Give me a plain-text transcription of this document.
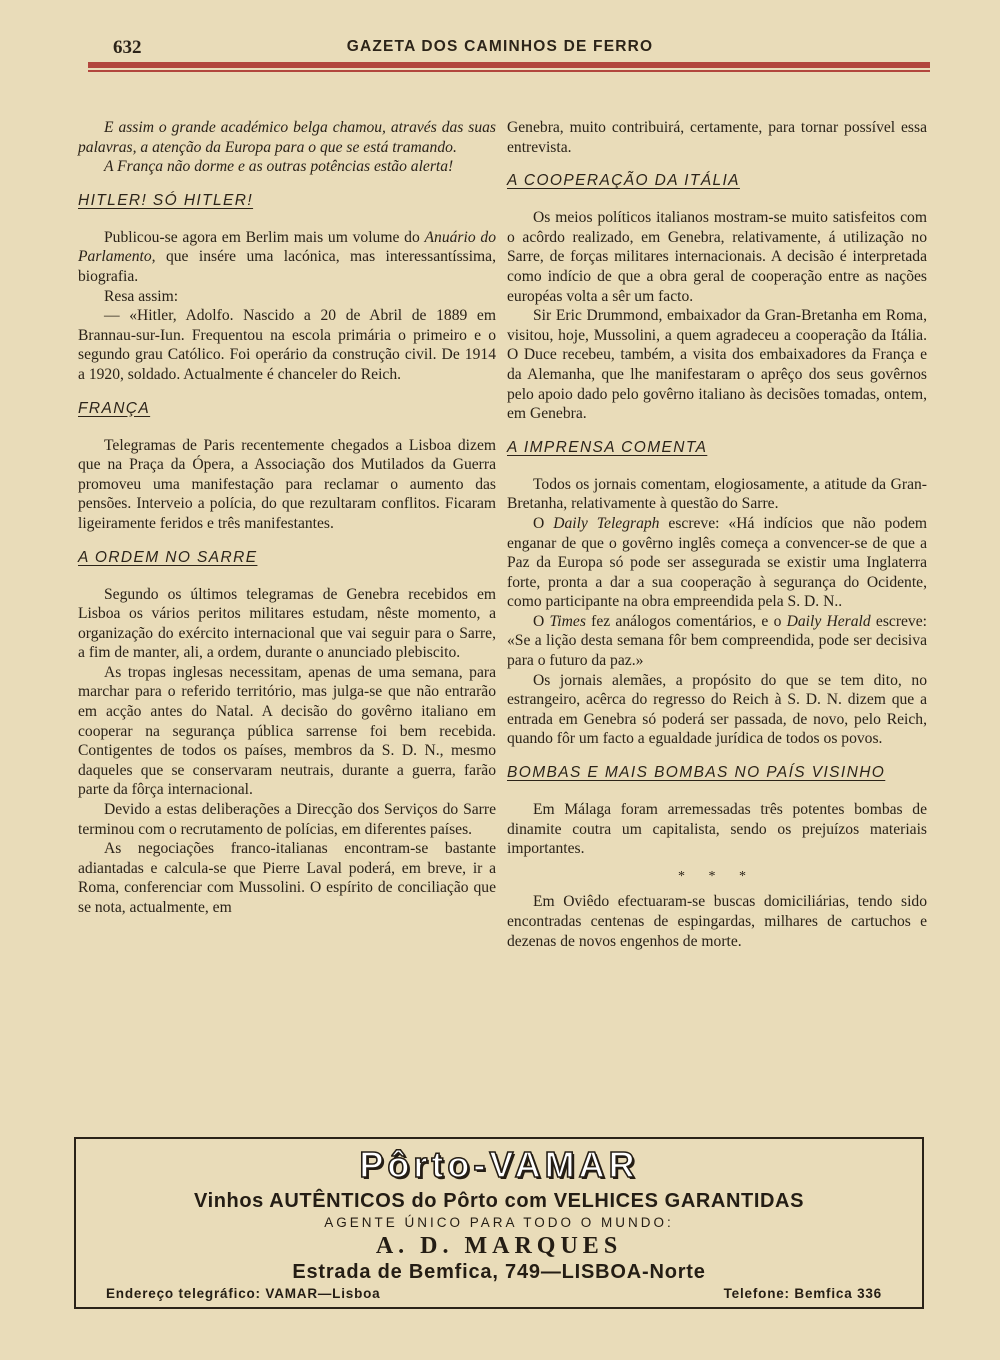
632	GAZETA DOS CAMINHOS DE FERRO

E assim o grande académico belga chamou, através das suas palavras, a atenção da Europa para o que se está tramando.

A França não dorme e as outras potências estão alerta!

HITLER! SÓ HITLER!

Publicou-se agora em Berlim mais um volume do Anuário do Parlamento, que insére uma lacónica, mas interessantíssima, biografia.

Resa assim:

— «Hitler, Adolfo. Nascido a 20 de Abril de 1889 em Brannau-sur-Iun. Frequentou na escola primária o primeiro e o segundo grau Católico. Foi operário da construção civil. De 1914 a 1920, soldado. Actualmente é chanceler do Reich.

FRANÇA

Telegramas de Paris recentemente chegados a Lisboa dizem que na Praça da Ópera, a Associação dos Mutilados da Guerra promoveu uma manifestação para reclamar o aumento das pensões. Interveio a polícia, do que rezultaram conflitos. Ficaram ligeiramente feridos e três manifestantes.

A ORDEM NO SARRE

Segundo os últimos telegramas de Genebra recebidos em Lisboa os vários peritos militares estudam, nêste momento, a organização do exército internacional que vai seguir para o Sarre, a fim de manter, ali, a ordem, durante o anunciado plebiscito.

As tropas inglesas necessitam, apenas de uma semana, para marchar para o referido território, mas julga-se que não entrarão em acção antes do Natal. A decisão do govêrno italiano em cooperar na segurança pública sarrense foi bem recebida. Contigentes de todos os países, membros da S. D. N., mesmo daqueles que se conservaram neutrais, durante a guerra, farão parte da fôrça internacional.

Devido a estas deliberações a Direcção dos Serviços do Sarre terminou com o recrutamento de polícias, em diferentes países.

As negociações franco-italianas encontram-se bastante adiantadas e calcula-se que Pierre Laval poderá, em breve, ir a Roma, conferenciar com Mussolini. O espírito de conciliação que se nota, actualmente, em

Genebra, muito contribuirá, certamente, para tornar possível essa entrevista.

A COOPERAÇÃO DA ITÁLIA

Os meios políticos italianos mostram-se muito satisfeitos com o acôrdo realizado, em Genebra, relativamente, á utilização no Sarre, de forças militares internacionais. A decisão é interpretada como indício de que a obra geral de cooperação entre as nações européas volta a sêr um facto.

Sir Eric Drummond, embaixador da Gran-Bretanha em Roma, visitou, hoje, Mussolini, a quem agradeceu a cooperação da Itália. O Duce recebeu, também, a visita dos embaixadores da França e da Alemanha, que lhe manifestaram o aprêço dos seus govêrnos pelo apoio dado pelo govêrno italiano às decisões tomadas, ontem, em Genebra.

A IMPRENSA COMENTA

Todos os jornais comentam, elogiosamente, a atitude da Gran-Bretanha, relativamente à questão do Sarre.

O Daily Telegraph escreve: «Há indícios que não podem enganar de que o govêrno inglês começa a convencer-se de que a Paz da Europa só pode ser assegurada se existir uma Inglaterra forte, pronta a dar a sua cooperação à segurança do Ocidente, como participante na obra empreendida pela S. D. N..

O Times fez análogos comentários, e o Daily Herald escreve: «Se a lição desta semana fôr bem compreendida, pode ser decisiva para o futuro da paz.»

Os jornais alemães, a propósito do que se tem dito, no estrangeiro, acêrca do regresso do Reich à S. D. N. dizem que a entrada em Genebra só poderá ser passada, de novo, pelo Reich, quando fôr um facto a egualdade jurídica de todos os povos.

BOMBAS E MAIS BOMBAS NO PAÍS VISINHO

Em Málaga foram arremessadas três potentes bombas de dinamite coutra um capitalista, sendo os prejuízos materiais importantes.

* * *

Em Oviêdo efectuaram-se buscas domiciliárias, tendo sido encontradas centenas de espingardas, milhares de cartuchos e dezenas de novos engenhos de morte.

Pôrto-VAMAR
Vinhos AUTÊNTICOS do Pôrto com VELHICES GARANTIDAS
AGENTE ÚNICO PARA TODO O MUNDO:
A. D. MARQUES
Estrada de Bemfica, 749—LISBOA-Norte
Endereço telegráfico: VAMAR—Lisboa	Telefone: Bemfica 336
